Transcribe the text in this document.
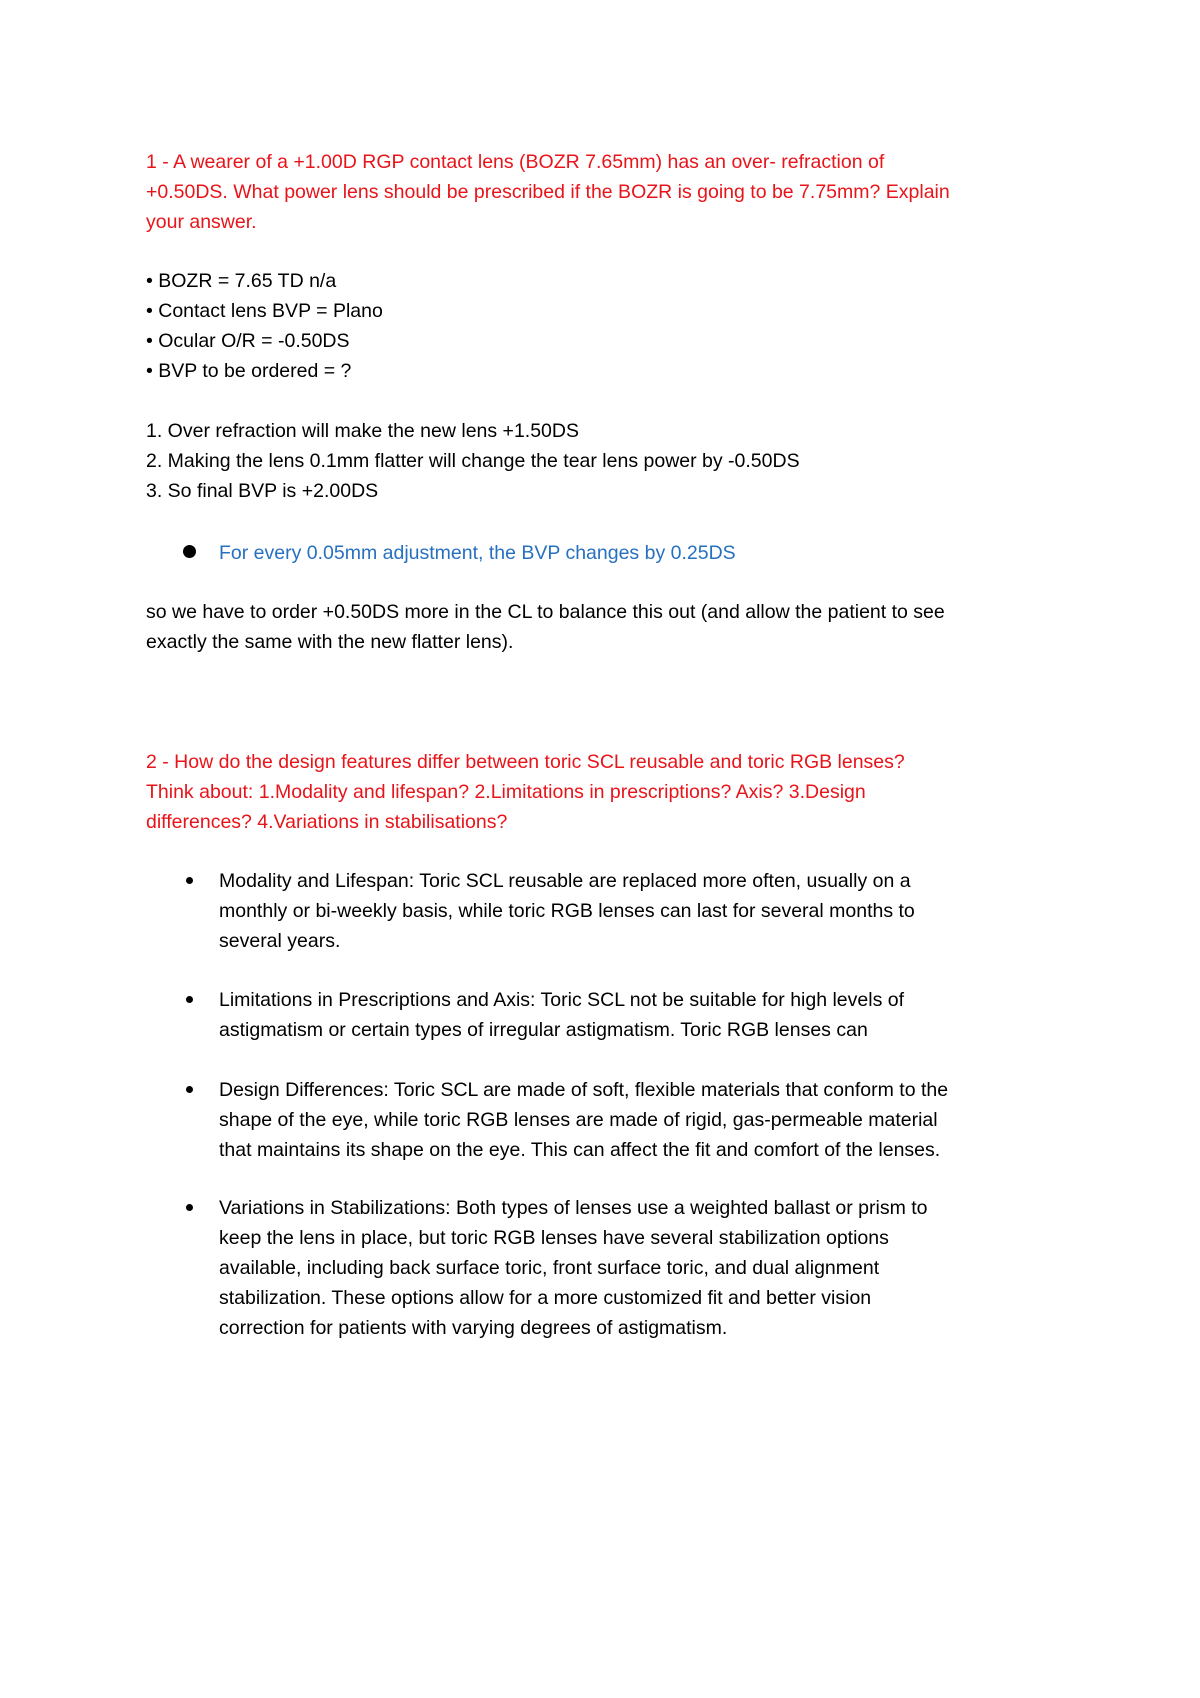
1 - A wearer of a +1.00D RGP contact lens (BOZR 7.65mm) has an over- refraction of
+0.50DS. What power lens should be prescribed if the BOZR is going to be 7.75mm? Explain
your answer.
• BOZR = 7.65 TD n/a
• Contact lens BVP = Plano
• Ocular O/R = -0.50DS
• BVP to be ordered = ?
1. Over refraction will make the new lens +1.50DS
2. Making the lens 0.1mm flatter will change the tear lens power by -0.50DS
3. So final BVP is +2.00DS
For every 0.05mm adjustment, the BVP changes by 0.25DS
so we have to order +0.50DS more in the CL to balance this out (and allow the patient to see
exactly the same with the new flatter lens).
2 - How do the design features differ between toric SCL reusable and toric RGB lenses?
Think about: 1.Modality and lifespan? 2.Limitations in prescriptions? Axis? 3.Design
differences? 4.Variations in stabilisations?
Modality and Lifespan: Toric SCL reusable are replaced more often, usually on a
monthly or bi-weekly basis, while toric RGB lenses can last for several months to
several years.
Limitations in Prescriptions and Axis: Toric SCL not be suitable for high levels of
astigmatism or certain types of irregular astigmatism. Toric RGB lenses can
Design Differences: Toric SCL are made of soft, flexible materials that conform to the
shape of the eye, while toric RGB lenses are made of rigid, gas-permeable material
that maintains its shape on the eye. This can affect the fit and comfort of the lenses.
Variations in Stabilizations: Both types of lenses use a weighted ballast or prism to
keep the lens in place, but toric RGB lenses have several stabilization options
available, including back surface toric, front surface toric, and dual alignment
stabilization. These options allow for a more customized fit and better vision
correction for patients with varying degrees of astigmatism.
